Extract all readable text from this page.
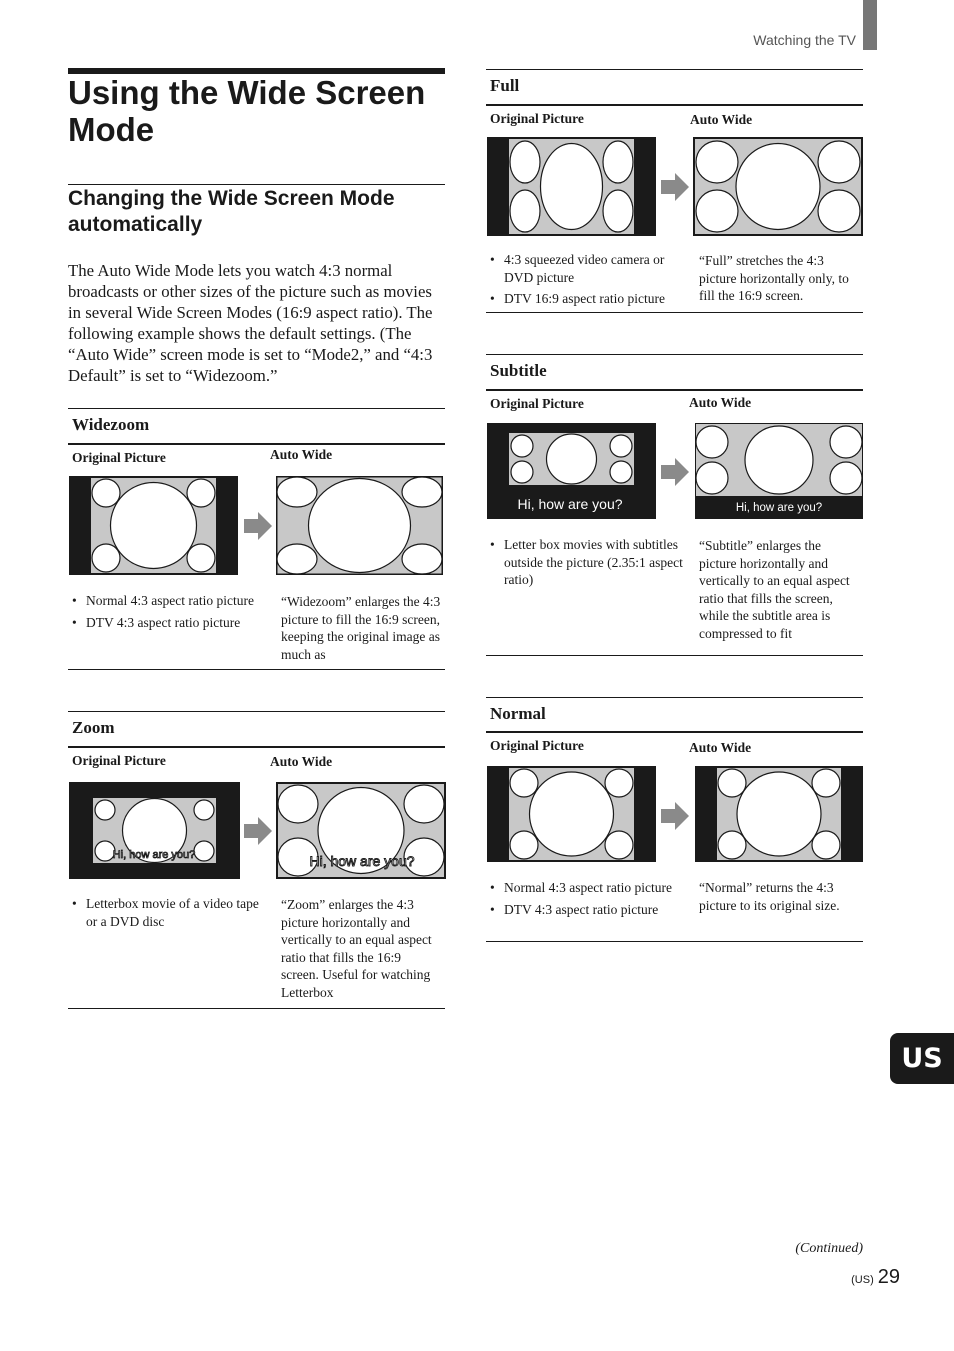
Watching the TV
Using the Wide Screen Mode
Changing the Wide Screen Mode automatically

The Auto Wide Mode lets you watch 4:3 normal broadcasts or other sizes of the picture such as movies in several Wide Screen Modes (16:9 aspect ratio). The following example shows the default settings. (The “Auto Wide” screen mode is set to “Mode2,” and “4:3 Default” is set to “Widezoom.”

Widezoom
Original Picture	Auto Wide
• Normal 4:3 aspect ratio picture
• DTV 4:3 aspect ratio picture

“Widezoom” enlarges the 4:3 picture to fill the 16:9 screen, keeping the original image as much as

Zoom
Original Picture	Auto Wide
Hi, how are you?	Hi, how are you?
• Letterbox movie of a video tape or a DVD disc

“Zoom” enlarges the 4:3 picture horizontally and vertically to an equal aspect ratio that fills the 16:9 screen. Useful for watching Letterbox

Full
Original Picture	Auto Wide
• 4:3 squeezed video camera or DVD picture
• DTV 16:9 aspect ratio picture

“Full” stretches the 4:3 picture horizontally only, to fill the 16:9 screen.

Subtitle
Original Picture	Auto Wide
Hi, how are you?	Hi, how are you?
• Letter box movies with subtitles outside the picture (2.35:1 aspect ratio)

“Subtitle” enlarges the picture horizontally and vertically to an equal aspect ratio that fills the screen, while the subtitle area is compressed to fit

Normal
Original Picture	Auto Wide
• Normal 4:3 aspect ratio picture
• DTV 4:3 aspect ratio picture

“Normal” returns the 4:3 picture to its original size.

US
(Continued)
(US) 29
